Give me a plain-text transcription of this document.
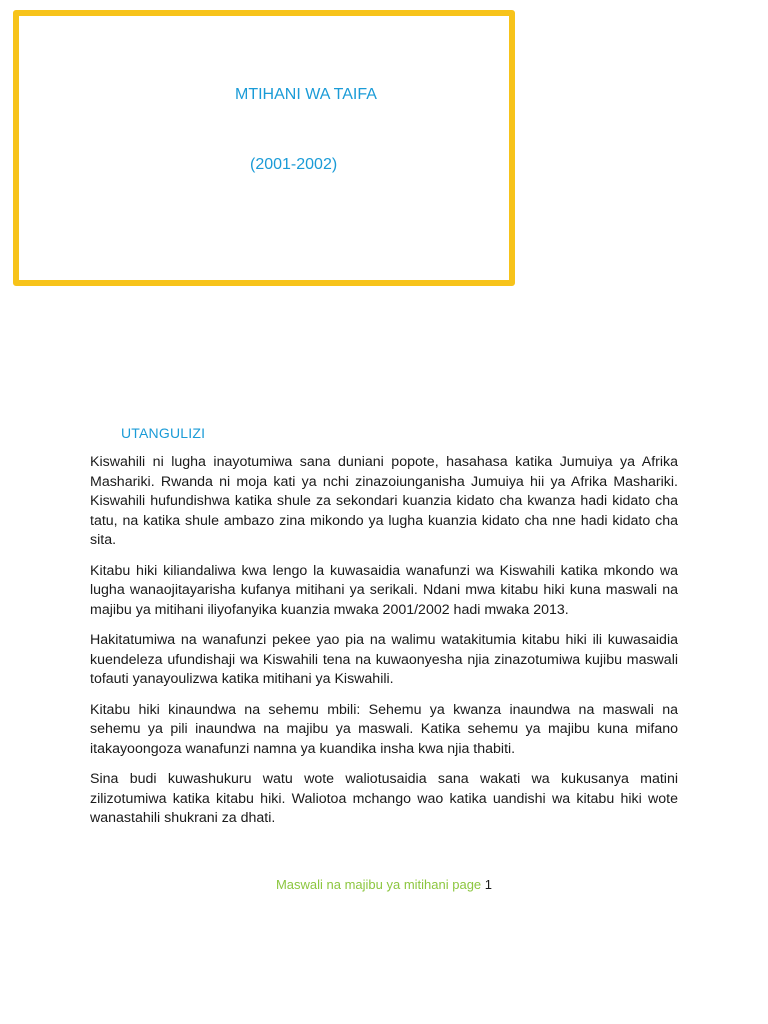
MTIHANI WA TAIFA
(2001-2002)
UTANGULIZI

Kiswahili ni lugha inayotumiwa sana duniani popote, hasahasa katika Jumuiya ya Afrika Mashariki. Rwanda ni moja kati ya nchi zinazoiunganisha Jumuiya hii ya Afrika Mashariki. Kiswahili hufundishwa katika shule za sekondari kuanzia kidato cha kwanza hadi kidato cha tatu, na katika shule ambazo zina mikondo ya lugha kuanzia kidato cha nne hadi kidato cha sita.

Kitabu hiki kiliandaliwa kwa lengo la kuwasaidia wanafunzi wa Kiswahili katika mkondo wa lugha wanaojitayarisha kufanya mitihani ya serikali. Ndani mwa kitabu hiki kuna maswali na majibu ya mitihani iliyofanyika kuanzia mwaka 2001/2002 hadi mwaka 2013.

Hakitatumiwa na wanafunzi pekee yao pia na walimu watakitumia kitabu hiki ili kuwasaidia kuendeleza ufundishaji wa Kiswahili tena na kuwaonyesha njia zinazotumiwa kujibu maswali tofauti yanayoulizwa katika mitihani ya Kiswahili.

Kitabu hiki kinaundwa na sehemu mbili: Sehemu ya kwanza inaundwa na maswali na sehemu ya pili inaundwa na majibu ya maswali. Katika sehemu ya majibu kuna mifano itakayoongoza wanafunzi namna ya kuandika insha kwa njia thabiti.

Sina budi kuwashukuru watu wote waliotusaidia sana wakati wa kukusanya matini zilizotumiwa katika kitabu hiki. Waliotoa mchango wao katika uandishi wa kitabu hiki wote wanastahili shukrani za dhati.

Maswali na majibu ya mitihani page 1
